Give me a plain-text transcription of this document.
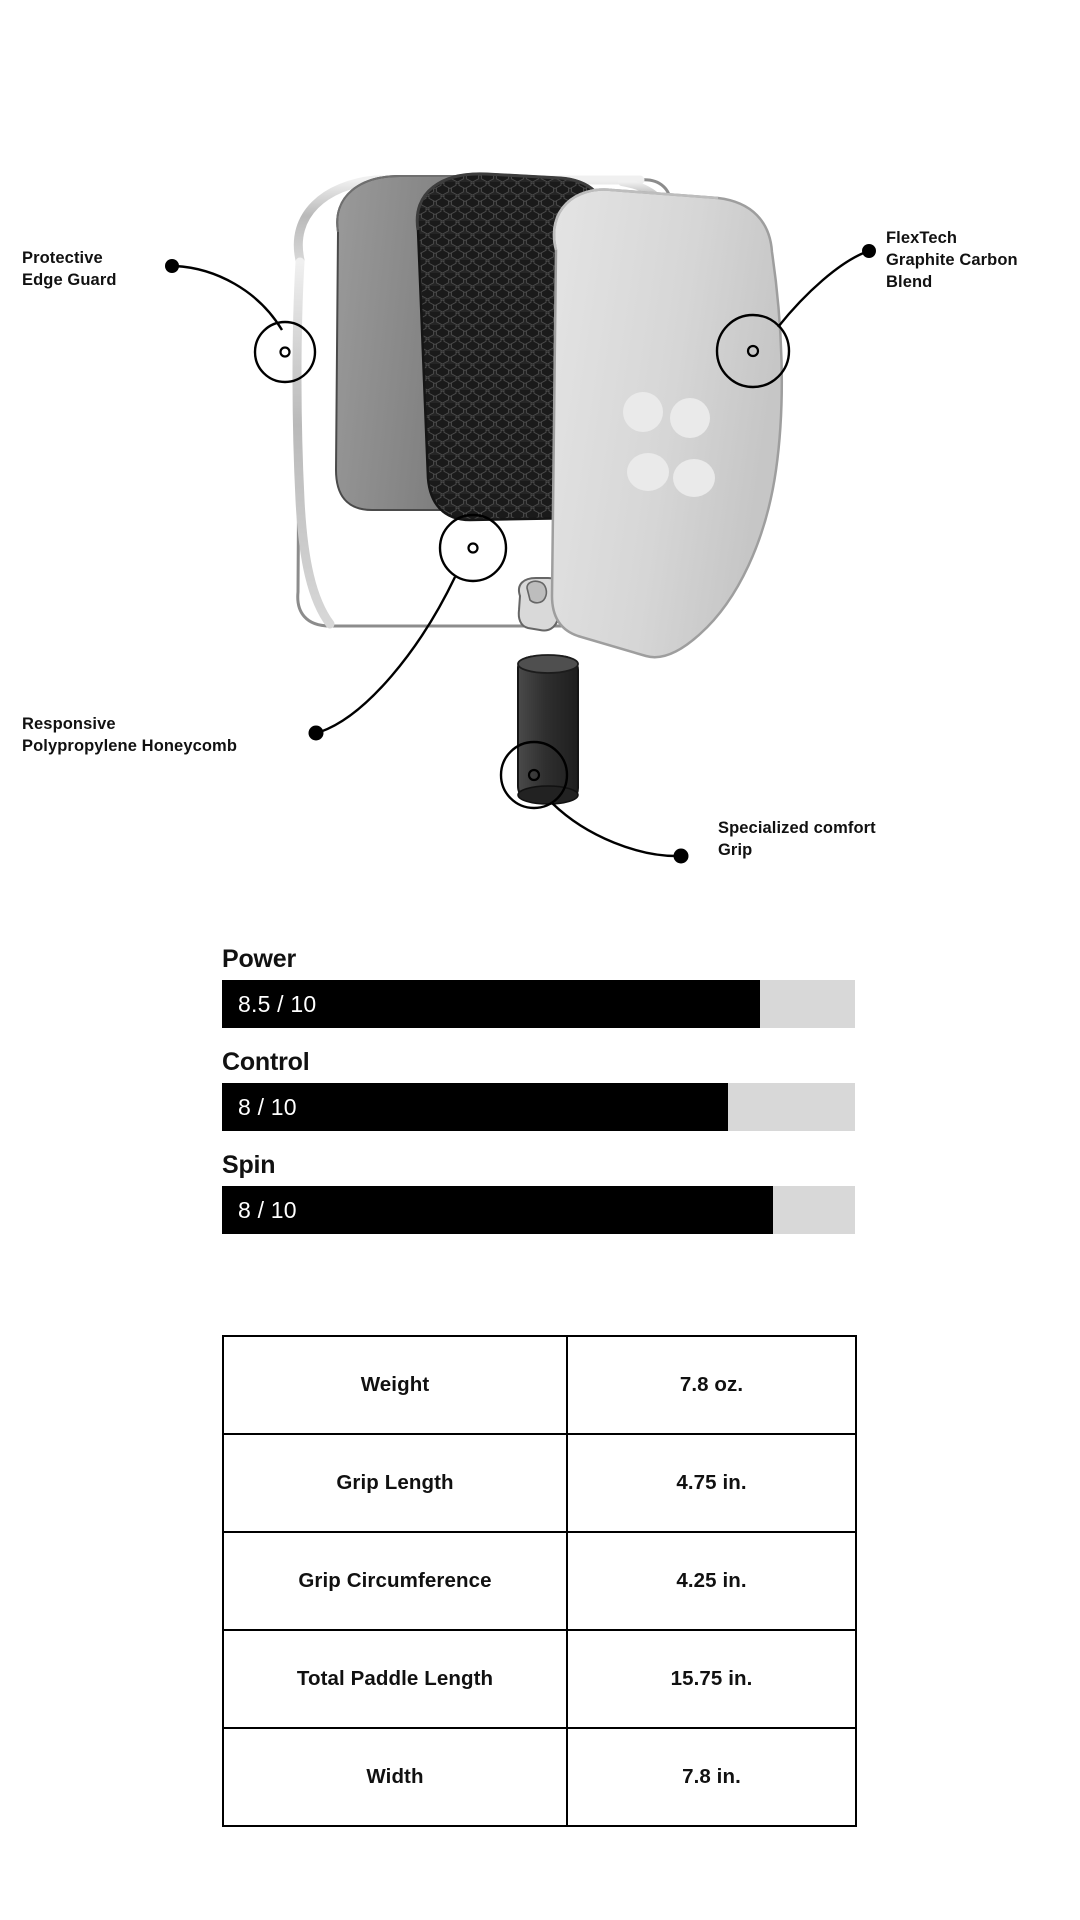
Protective
Edge Guard
FlexTech
Graphite Carbon
Blend
Responsive
Polypropylene Honeycomb
Specialized comfort
Grip
Power
8.5 / 10
Control
8 / 10
Spin
8 / 10
Weight	7.8 oz.
Grip Length	4.75 in.
Grip Circumference	4.25 in.
Total Paddle Length	15.75 in.
Width	7.8 in.
